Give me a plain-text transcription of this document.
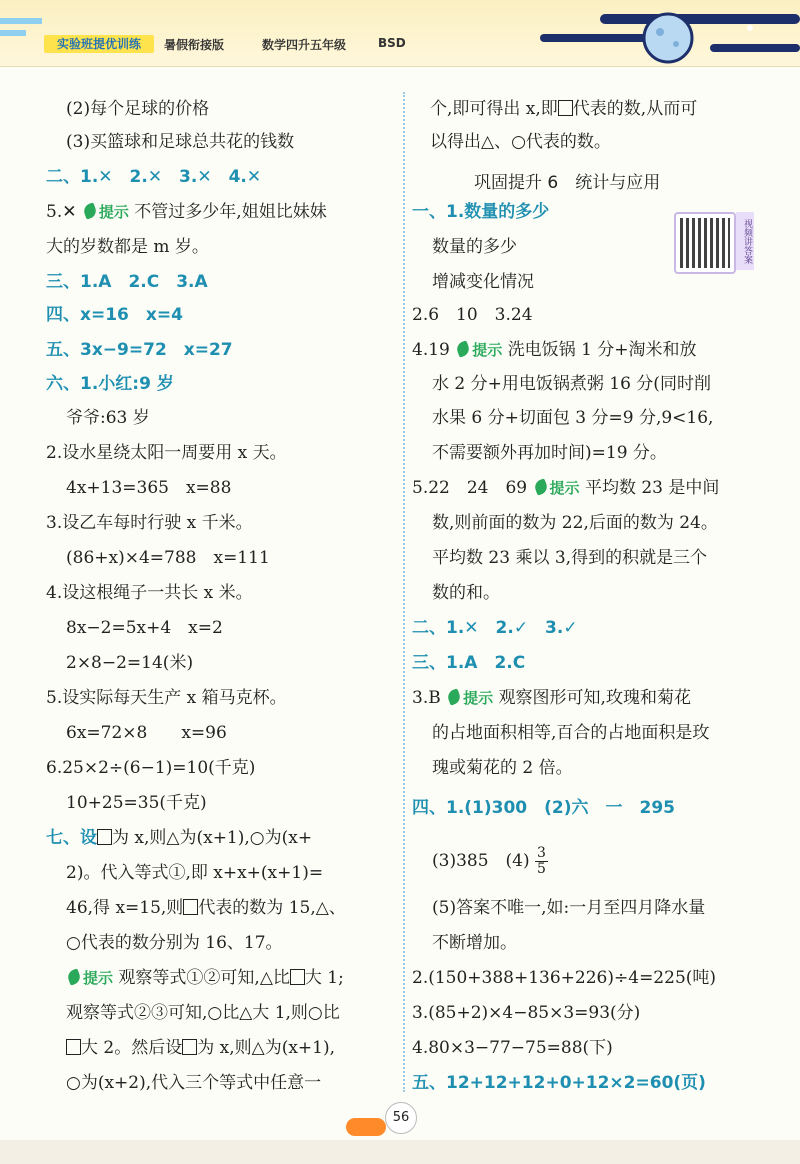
实验班提优训练	暑假衔接版	数学四升五年级	BSD
(2)每个足球的价格
(3)买篮球和足球总共花的钱数
二、1.✕　2.✕　3.✕　4.✕
5.✕ 提示 不管过多少年,姐姐比妹妹
大的岁数都是 m 岁。
三、1.A　2.C　3.A
四、x=16　x=4
五、3x−9=72　x=27
六、1.小红:9 岁
爷爷:63 岁
2.设水星绕太阳一周要用 x 天。
4x+13=365　x=88
3.设乙车每时行驶 x 千米。
(86+x)×4=788　x=111
4.设这根绳子一共长 x 米。
8x−2=5x+4　x=2
2×8−2=14(米)
5.设实际每天生产 x 箱马克杯。
6x=72×8　　x=96
6.25×2÷(6−1)=10(千克)
10+25=35(千克)
七、设 为 x,则△为(x+1),○为(x+
2)。代入等式①,即 x+x+(x+1)=
46,得 x=15,则 代表的数为 15,△、
○代表的数分别为 16、17。
提示 观察等式①②可知,△比 大 1;
观察等式②③可知,○比△大 1,则○比
大 2。然后设 为 x,则△为(x+1),
○为(x+2),代入三个等式中任意一
个,即可得出 x,即 代表的数,从而可
以得出△、○代表的数。
巩固提升 6　统计与应用
视频讲答案
一、1.数量的多少
数量的多少
增减变化情况
2.6　10　3.24
4.19 提示 洗电饭锅 1 分+淘米和放
水 2 分+用电饭锅煮粥 16 分(同时削
水果 6 分+切面包 3 分=9 分,9<16,
不需要额外再加时间)=19 分。
5.22　24　69 提示 平均数 23 是中间
数,则前面的数为 22,后面的数为 24。
平均数 23 乘以 3,得到的积就是三个
数的和。
二、1.✕　2.✓　3.✓
三、1.A　2.C
3.B 提示 观察图形可知,玫瑰和菊花
的占地面积相等,百合的占地面积是玫
瑰或菊花的 2 倍。
四、1.(1)300　(2)六　一　295
(3)385　$(4) \frac{3}{5}$
(5)答案不唯一,如:一月至四月降水量
不断增加。
2.(150+388+136+226)÷4=225(吨)
3.(85+2)×4−85×3=93(分)
4.80×3−77−75=88(下)
五、12+12+12+0+12×2=60(页)
56
